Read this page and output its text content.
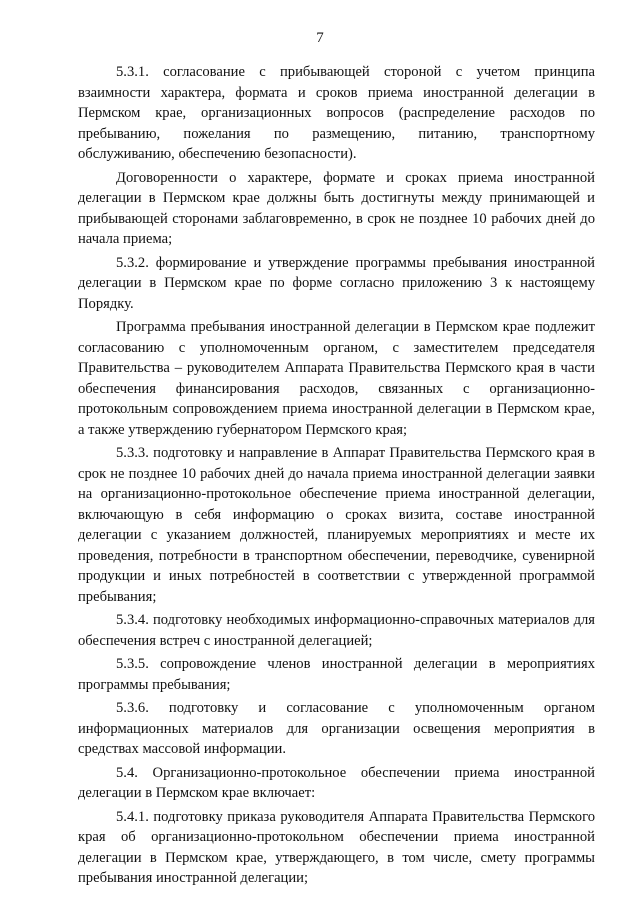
7

5.3.1. согласование с прибывающей стороной с учетом принципа взаимности характера, формата и сроков приема иностранной делегации в Пермском крае, организационных вопросов (распределение расходов по пребыванию, пожелания по размещению, питанию, транспортному обслуживанию, обеспечению безопасности).

Договоренности о характере, формате и сроках приема иностранной делегации в Пермском крае должны быть достигнуты между принимающей и прибывающей сторонами заблаговременно, в срок не позднее 10 рабочих дней до начала приема;

5.3.2. формирование и утверждение программы пребывания иностранной делегации в Пермском крае по форме согласно приложению 3 к настоящему Порядку.

Программа пребывания иностранной делегации в Пермском крае подлежит согласованию с уполномоченным органом, с заместителем председателя Правительства – руководителем Аппарата Правительства Пермского края в части обеспечения финансирования расходов, связанных с организационно-протокольным сопровождением приема иностранной делегации в Пермском крае, а также утверждению губернатором Пермского края;

5.3.3. подготовку и направление в Аппарат Правительства Пермского края в срок не позднее 10 рабочих дней до начала приема иностранной делегации заявки на организационно-протокольное обеспечение приема иностранной делегации, включающую в себя информацию о сроках визита, составе иностранной делегации с указанием должностей, планируемых мероприятиях и месте их проведения, потребности в транспортном обеспечении, переводчике, сувенирной продукции и иных потребностей в соответствии с утвержденной программой пребывания;

5.3.4. подготовку необходимых информационно-справочных материалов для обеспечения встреч с иностранной делегацией;

5.3.5. сопровождение членов иностранной делегации в мероприятиях программы пребывания;

5.3.6. подготовку и согласование с уполномоченным органом информационных материалов для организации освещения мероприятия в средствах массовой информации.

5.4. Организационно-протокольное обеспечении приема иностранной делегации в Пермском крае включает:

5.4.1. подготовку приказа руководителя Аппарата Правительства Пермского края об организационно-протокольном обеспечении приема иностранной делегации в Пермском крае, утверждающего, в том числе, смету программы пребывания иностранной делегации;
